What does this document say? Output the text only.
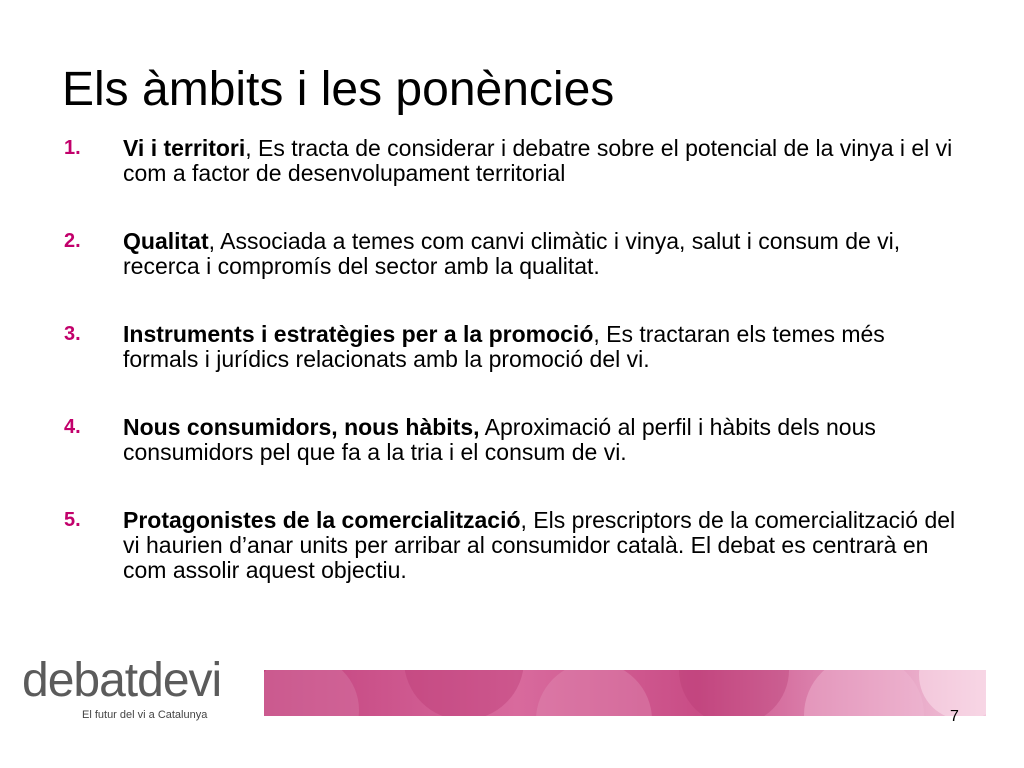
Els àmbits i les ponències
1.	Vi i territori, Es tracta de considerar i debatre sobre el potencial de la vinya i el vi com a factor de desenvolupament territorial
2.	Qualitat, Associada a temes com canvi climàtic i vinya, salut i consum de vi, recerca i compromís del sector amb la qualitat.
3.	Instruments i estratègies per a la promoció, Es tractaran els temes més formals i jurídics relacionats amb la promoció del vi.
4.	Nous consumidors, nous hàbits, Aproximació al perfil i hàbits dels nous consumidors pel que fa a la tria i el consum de vi.
5.	Protagonistes de la comercialització, Els prescriptors de la comercialització del vi haurien d’anar units per arribar al consumidor català. El debat es centrarà en com assolir aquest objectiu.
debatdevi
El futur del vi a Catalunya	7
